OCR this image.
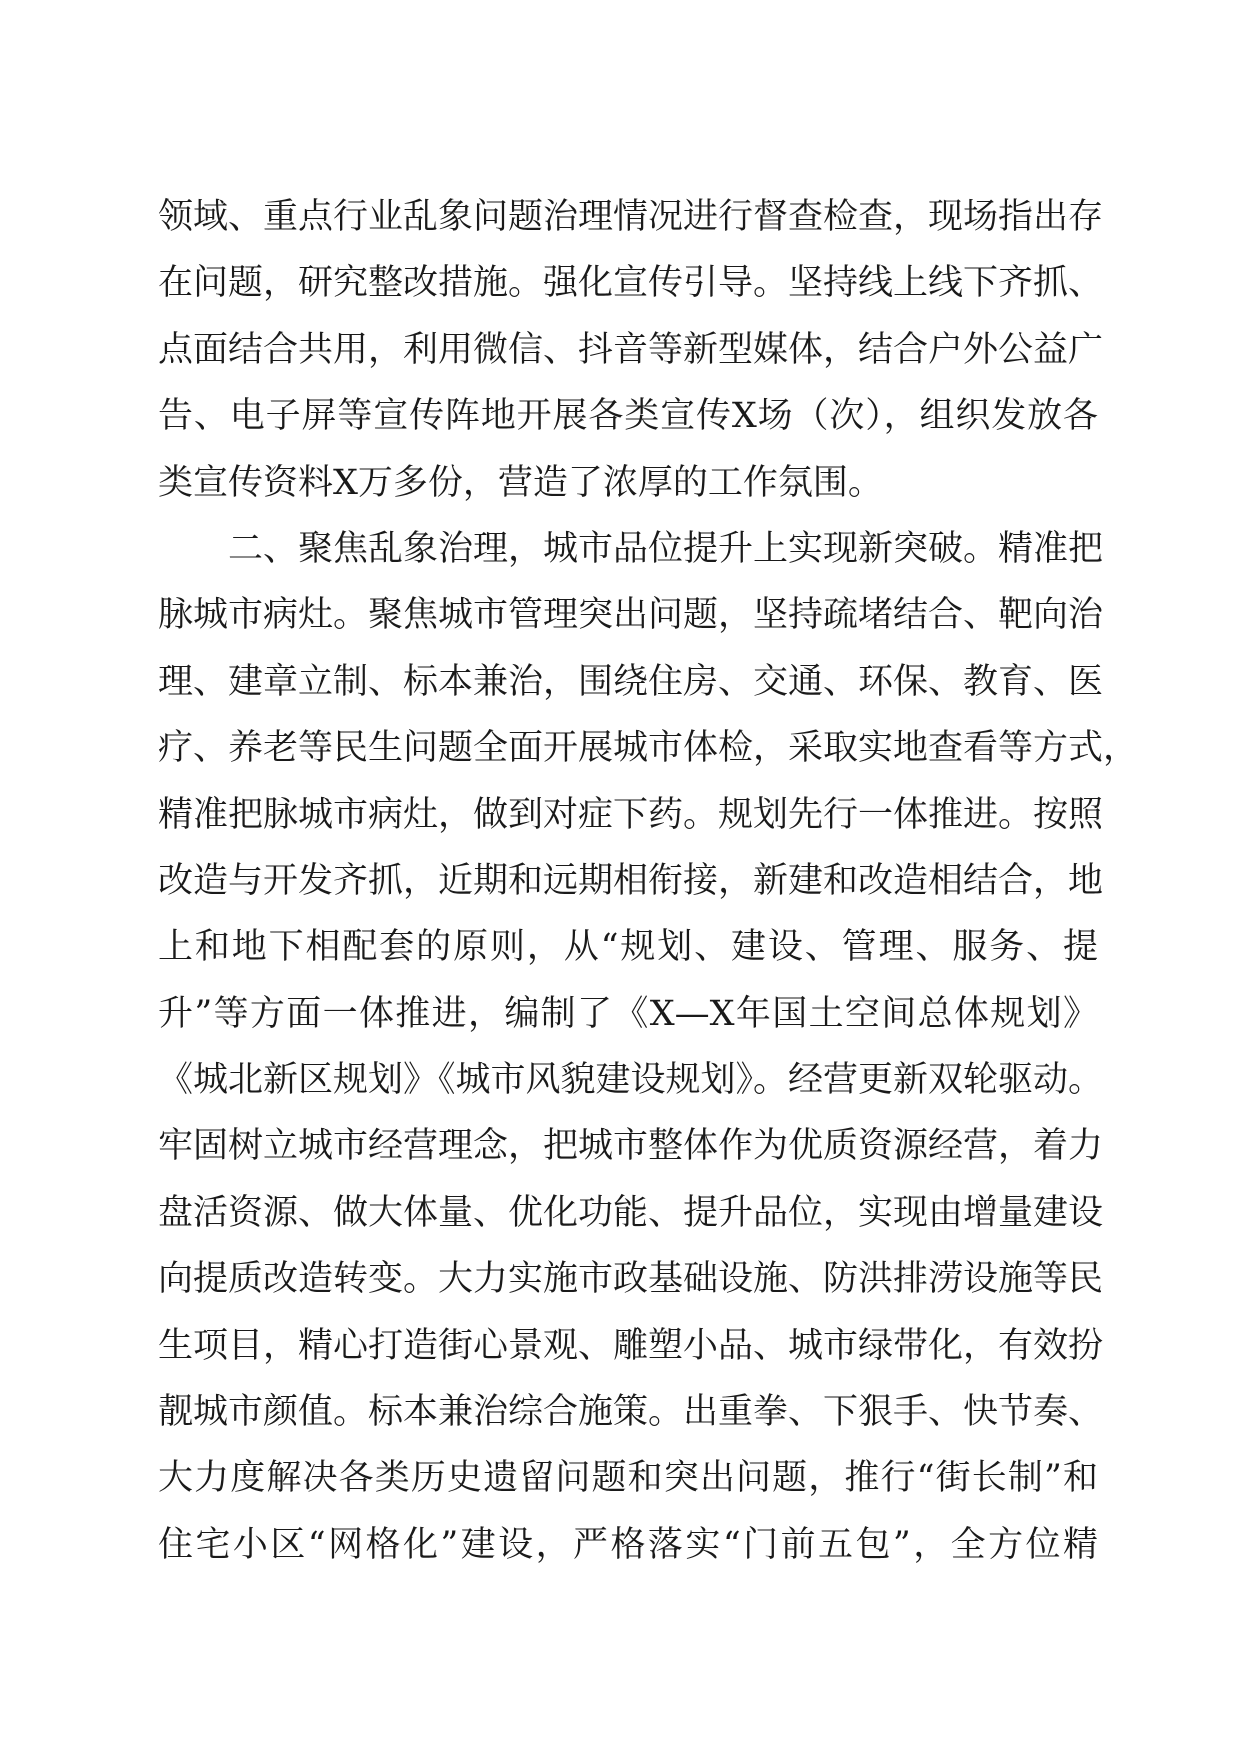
领域、重点行业乱象问题治理情况进行督查检查，现场指出存
在问题，研究整改措施。强化宣传引导。坚持线上线下齐抓、
点面结合共用，利用微信、抖音等新型媒体，结合户外公益广
告、电子屏等宣传阵地开展各类宣传X场（次），组织发放各
类宣传资料X万多份，营造了浓厚的工作氛围。
二、聚焦乱象治理，城市品位提升上实现新突破。精准把
脉城市病灶。聚焦城市管理突出问题，坚持疏堵结合、靶向治
理、建章立制、标本兼治，围绕住房、交通、环保、教育、医
疗、养老等民生问题全面开展城市体检，采取实地查看等方式，
精准把脉城市病灶，做到对症下药。规划先行一体推进。按照
改造与开发齐抓，近期和远期相衔接，新建和改造相结合，地
上和地下相配套的原则，从“规划、建设、管理、服务、提
升”等方面一体推进，编制了《X—X年国土空间总体规划》
《城北新区规划》《城市风貌建设规划》。经营更新双轮驱动。
牢固树立城市经营理念，把城市整体作为优质资源经营，着力
盘活资源、做大体量、优化功能、提升品位，实现由增量建设
向提质改造转变。大力实施市政基础设施、防洪排涝设施等民
生项目，精心打造街心景观、雕塑小品、城市绿带化，有效扮
靓城市颜值。标本兼治综合施策。出重拳、下狠手、快节奏、
大力度解决各类历史遗留问题和突出问题，推行“街长制”和
住宅小区“网格化”建设，严格落实“门前五包”，全方位精
